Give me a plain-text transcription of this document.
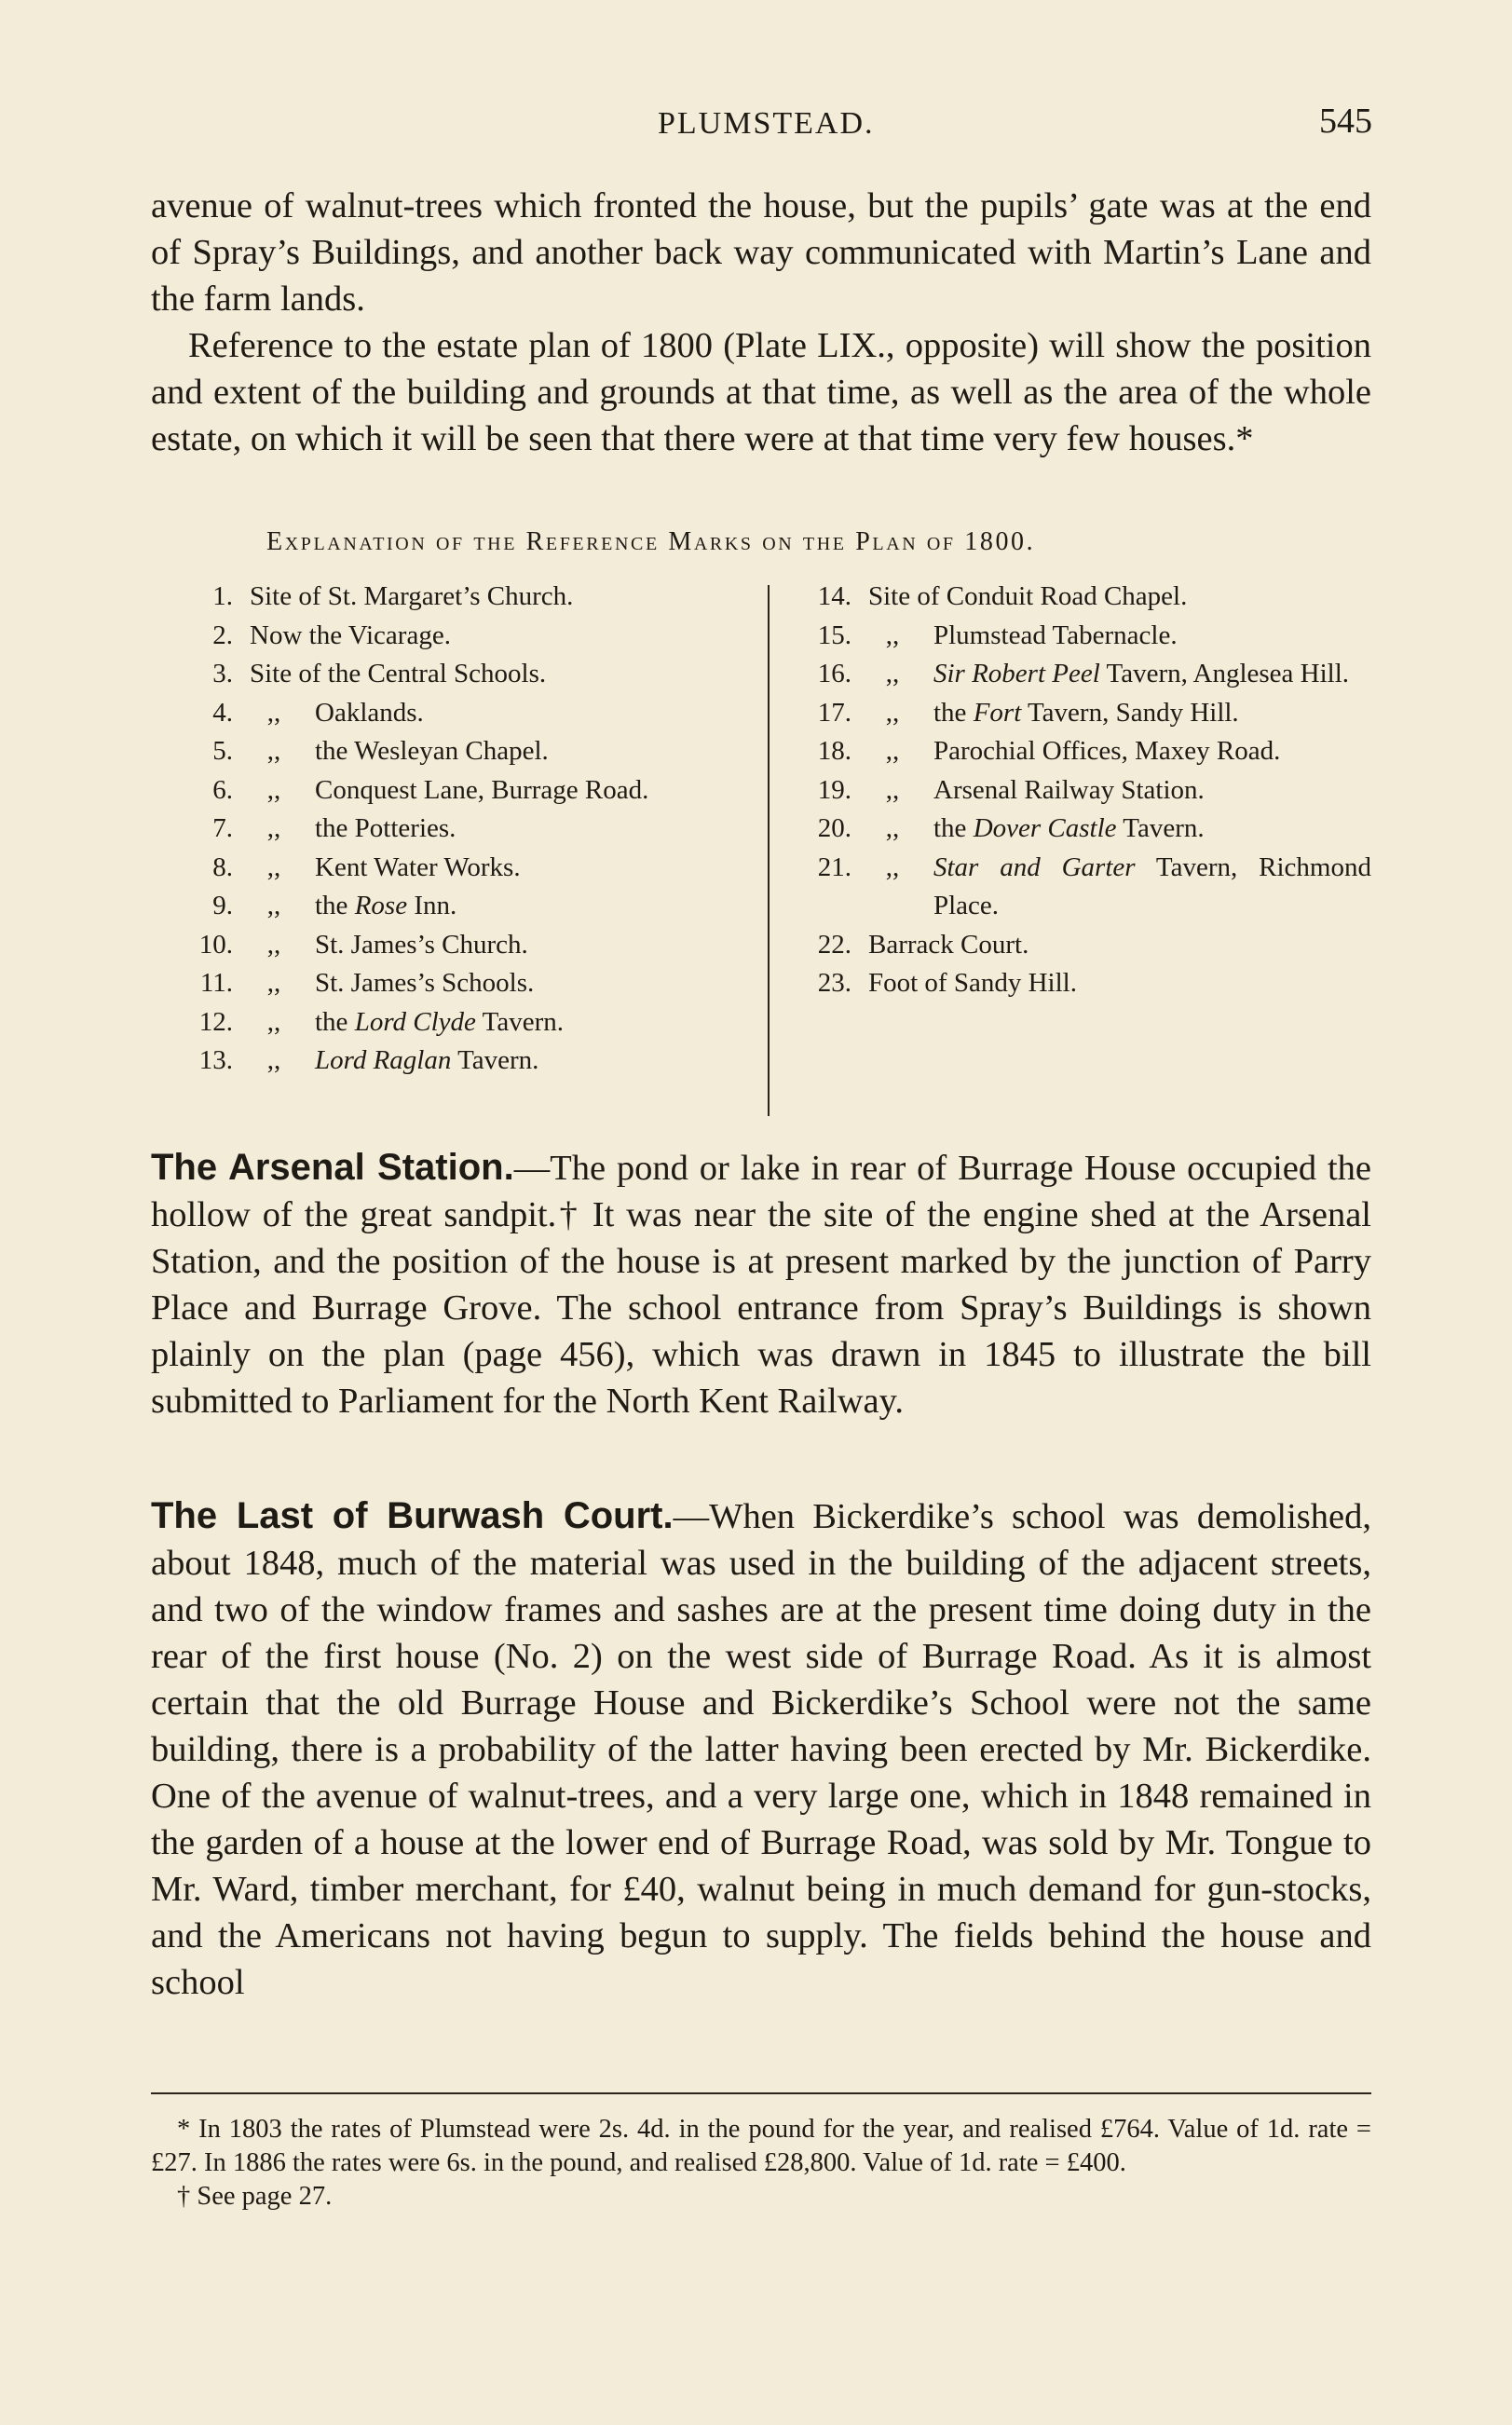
PLUMSTEAD.	545

avenue of walnut-trees which fronted the house, but the pupils’ gate was at the end of Spray’s Buildings, and another back way communicated with Martin’s Lane and the farm lands.

Reference to the estate plan of 1800 (Plate LIX., opposite) will show the position and extent of the building and grounds at that time, as well as the area of the whole estate, on which it will be seen that there were at that time very few houses.*

Explanation of the Reference Marks on the Plan of 1800.
1. Site of St. Margaret’s Church.
2. Now the Vicarage.
3. Site of the Central Schools.
4.	,,	Oaklands.
5.	,,	the Wesleyan Chapel.
6.	,,	Conquest Lane, Burrage Road.
7.	,,	the Potteries.
8.	,,	Kent Water Works.
9.	,,	the Rose Inn.
10.	,,	St. James’s Church.
11.	,,	St. James’s Schools.
12.	,,	the Lord Clyde Tavern.
13.	,,	Lord Raglan Tavern.
14. Site of Conduit Road Chapel.
15.	,,	Plumstead Tabernacle.
16.	,,	Sir Robert Peel Tavern, Anglesea Hill.
17.	,,	the Fort Tavern, Sandy Hill.
18.	,,	Parochial Offices, Maxey Road.
19.	,,	Arsenal Railway Station.
20.	,,	the Dover Castle Tavern.
21.	,,	Star and Garter Tavern, Richmond Place.
22. Barrack Court.
23. Foot of Sandy Hill.

The Arsenal Station.—The pond or lake in rear of Burrage House occupied the hollow of the great sandpit.† It was near the site of the engine shed at the Arsenal Station, and the position of the house is at present marked by the junction of Parry Place and Burrage Grove. The school entrance from Spray’s Buildings is shown plainly on the plan (page 456), which was drawn in 1845 to illustrate the bill submitted to Parliament for the North Kent Railway.

The Last of Burwash Court.—When Bickerdike’s school was demolished, about 1848, much of the material was used in the building of the adjacent streets, and two of the window frames and sashes are at the present time doing duty in the rear of the first house (No. 2) on the west side of Burrage Road. As it is almost certain that the old Burrage House and Bickerdike’s School were not the same building, there is a probability of the latter having been erected by Mr. Bickerdike. One of the avenue of walnut-trees, and a very large one, which in 1848 remained in the garden of a house at the lower end of Burrage Road, was sold by Mr. Tongue to Mr. Ward, timber merchant, for £40, walnut being in much demand for gun-stocks, and the Americans not having begun to supply. The fields behind the house and school

* In 1803 the rates of Plumstead were 2s. 4d. in the pound for the year, and realised £764. Value of 1d. rate = £27. In 1886 the rates were 6s. in the pound, and realised £28,800. Value of 1d. rate = £400.

† See page 27.
